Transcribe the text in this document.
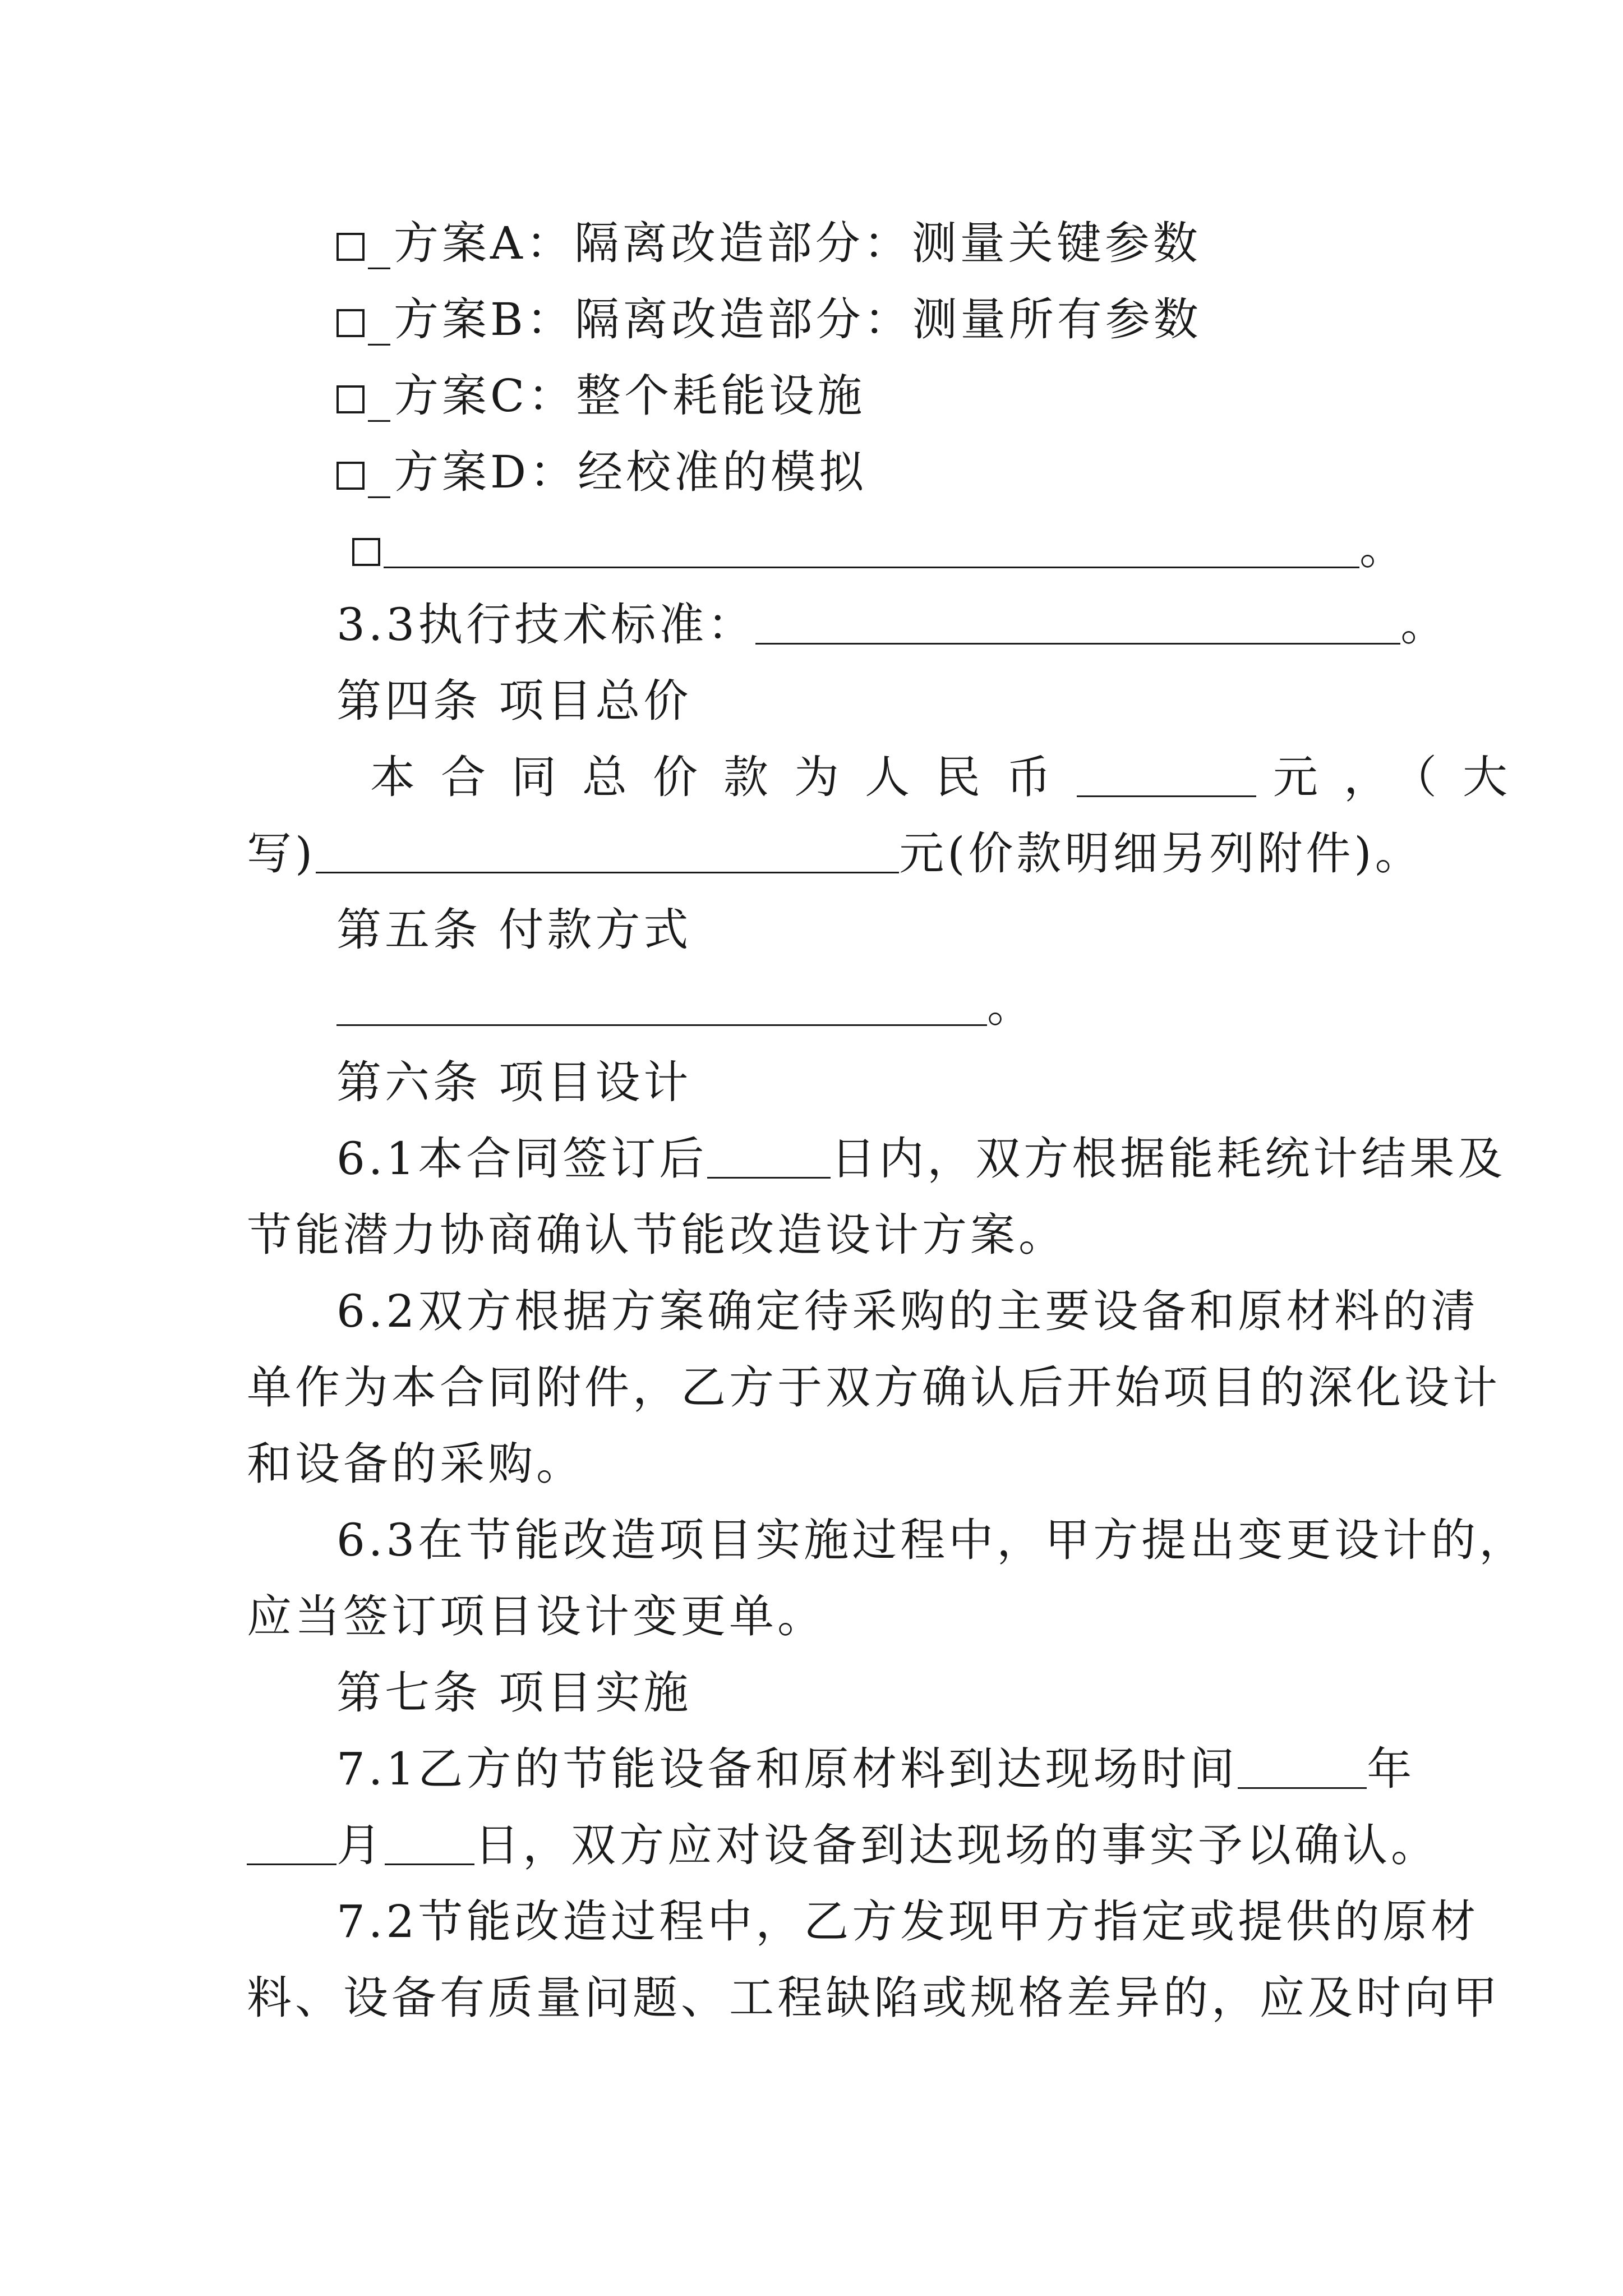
_方案A：隔离改造部分：测量关键参数
_方案B：隔离改造部分：测量所有参数
_方案C：整个耗能设施
_方案D：经校准的模拟
。
3.3执行技术标准：	。
第四条 项目总价
本合同总价款为人民币	元，（大
写)	元(价款明细另列附件)。
第五条 付款方式
。
第六条 项目设计
6.1本合同签订后	日内，双方根据能耗统计结果及
节能潜力协商确认节能改造设计方案。
6.2双方根据方案确定待采购的主要设备和原材料的清
单作为本合同附件，乙方于双方确认后开始项目的深化设计
和设备的采购。
6.3在节能改造项目实施过程中，甲方提出变更设计的，
应当签订项目设计变更单。
第七条 项目实施
7.1乙方的节能设备和原材料到达现场时间	年
月 日，双方应对设备到达现场的事实予以确认。
7.2节能改造过程中，乙方发现甲方指定或提供的原材
料、设备有质量问题、工程缺陷或规格差异的，应及时向甲
